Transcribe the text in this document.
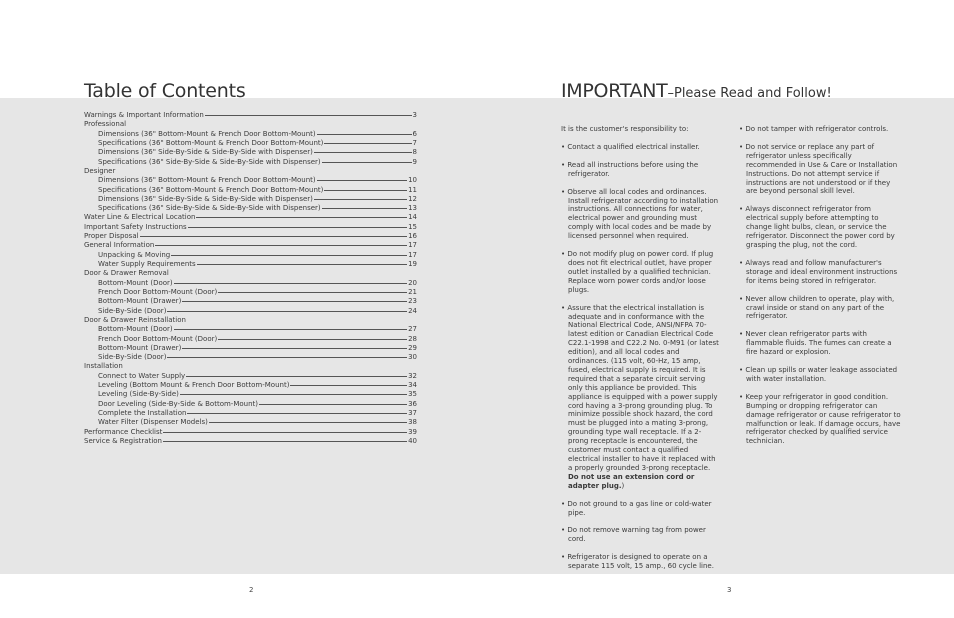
Table of Contents
Warnings & Important Information	3
Professional
Dimensions (36" Bottom-Mount & French Door Bottom-Mount)	6
Specifications (36" Bottom-Mount & French Door Bottom-Mount)	7
Dimensions (36" Side-By-Side & Side-By-Side with Dispenser)	8
Specifications (36" Side-By-Side & Side-By-Side with Dispenser)	9
Designer
Dimensions (36" Bottom-Mount & French Door Bottom-Mount)	10
Specifications (36" Bottom-Mount & French Door Bottom-Mount)	11
Dimensions (36" Side-By-Side & Side-By-Side with Dispenser)	12
Specifications (36" Side-By-Side & Side-By-Side with Dispenser)	13
Water Line & Electrical Location	14
Important Safety Instructions	15
Proper Disposal	16
General Information	17
Unpacking & Moving	17
Water Supply Requirements	19
Door & Drawer Removal
Bottom-Mount (Door)	20
French Door Bottom-Mount (Door)	21
Bottom-Mount (Drawer)	23
Side-By-Side (Door)	24
Door & Drawer Reinstallation
Bottom-Mount (Door)	27
French Door Bottom-Mount (Door)	28
Bottom-Mount (Drawer)	29
Side-By-Side (Door)	30
Installation
Connect to Water Supply	32
Leveling (Bottom Mount & French Door Bottom-Mount)	34
Leveling (Side-By-Side)	35
Door Leveling (Side-By-Side & Bottom-Mount)	36
Complete the Installation	37
Water Filter (Dispenser Models)	38
Performance Checklist	39
Service & Registration	40
IMPORTANT–Please Read and Follow!

It is the customer's responsibility to:

• Contact a qualified electrical installer.

• Read all instructions before using the refrigerator.

• Observe all local codes and ordinances. Install refrigerator according to installation instructions. All connections for water, electrical power and grounding must comply with local codes and be made by licensed personnel when required.

• Do not modify plug on power cord. If plug does not fit electrical outlet, have proper outlet installed by a qualified technician. Replace worn power cords and/or loose plugs.

• Assure that the electrical installation is adequate and in conformance with the National Electrical Code, ANSI/NFPA 70-latest edition or Canadian Electrical Code C22.1-1998 and C22.2 No. 0-M91 (or latest edition), and all local codes and ordinances. (115 volt, 60-Hz, 15 amp, fused, electrical supply is required. It is required that a separate circuit serving only this appliance be provided. This appliance is equipped with a power supply cord having a 3-prong grounding plug. To minimize possible shock hazard, the cord must be plugged into a mating 3-prong, grounding type wall receptacle. If a 2-prong receptacle is encountered, the customer must contact a qualified electrical installer to have it replaced with a properly grounded 3-prong receptacle. Do not use an extension cord or adapter plug.)

• Do not ground to a gas line or cold-water pipe.

• Do not remove warning tag from power cord.

• Refrigerator is designed to operate on a separate 115 volt, 15 amp., 60 cycle line.

• Do not tamper with refrigerator controls.

• Do not service or replace any part of refrigerator unless specifically recommended in Use & Care or Installation Instructions. Do not attempt service if instructions are not understood or if they are beyond personal skill level.

• Always disconnect refrigerator from electrical supply before attempting to change light bulbs, clean, or service the refrigerator. Disconnect the power cord by grasping the plug, not the cord.

• Always read and follow manufacturer's storage and ideal environment instructions for items being stored in refrigerator.

• Never allow children to operate, play with, crawl inside or stand on any part of the refrigerator.

• Never clean refrigerator parts with flammable fluids. The fumes can create a fire hazard or explosion.

• Clean up spills or water leakage associated with water installation.

• Keep your refrigerator in good condition. Bumping or dropping refrigerator can damage refrigerator or cause refrigerator to malfunction or leak. If damage occurs, have refrigerator checked by qualified service technician.

2	3
